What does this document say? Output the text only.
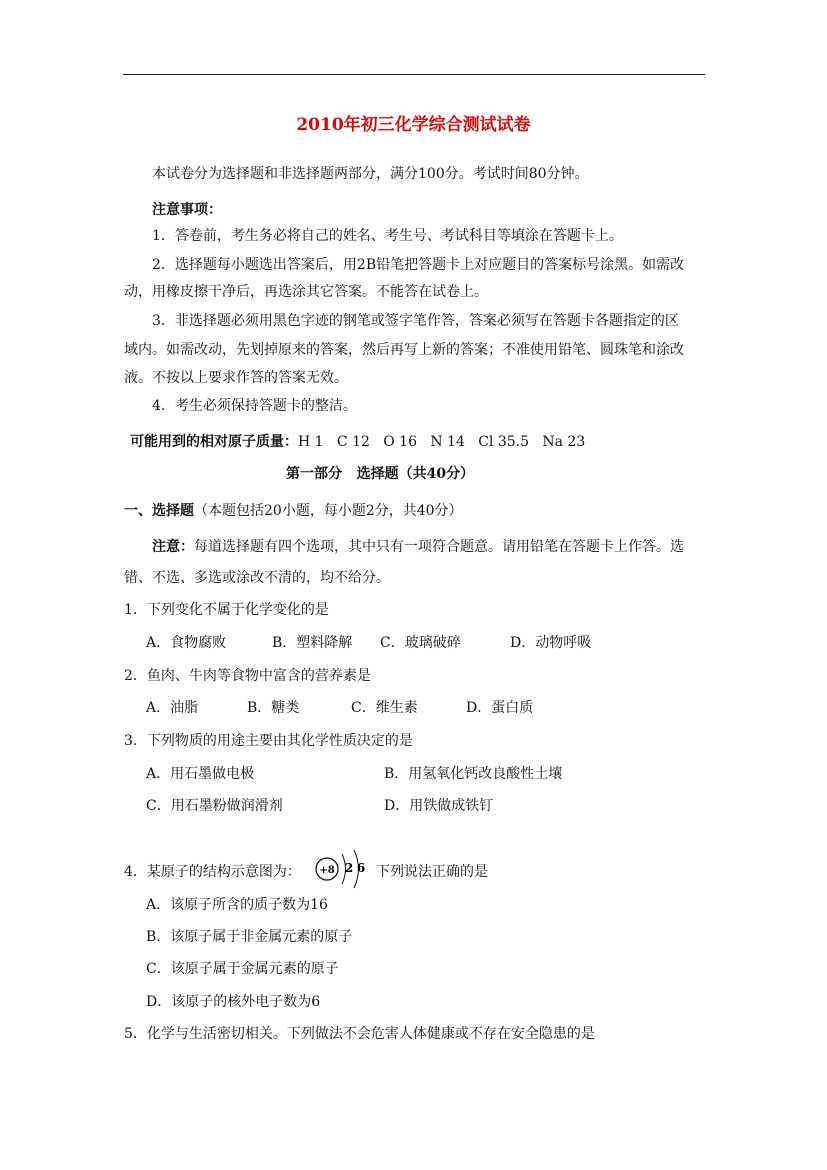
2010年初三化学综合测试试卷
本试卷分为选择题和非选择题两部分，满分100分。考试时间80分钟。
注意事项：
1．答卷前，考生务必将自己的姓名、考生号、考试科目等填涂在答题卡上。
2．选择题每小题选出答案后，用2B铅笔把答题卡上对应题目的答案标号涂黑。如需改
动，用橡皮擦干净后，再选涂其它答案。不能答在试卷上。
3．非选择题必须用黑色字迹的钢笔或签字笔作答，答案必须写在答题卡各题指定的区
域内。如需改动，先划掉原来的答案，然后再写上新的答案；不准使用铅笔、圆珠笔和涂改
液。不按以上要求作答的答案无效。
4．考生必须保持答题卡的整洁。
可能用到的相对原子质量：H 1   C 12   O 16   N 14   Cl 35.5   Na 23
第一部分   选择题（共40分）
一、选择题（本题包括20小题，每小题2分，共40分）
注意：每道选择题有四个选项，其中只有一项符合题意。请用铅笔在答题卡上作答。选
错、不选、多选或涂改不清的，均不给分。
1．下列变化不属于化学变化的是
A．食物腐败	B．塑料降解 C．玻璃破碎	D．动物呼吸
2．鱼肉、牛肉等食物中富含的营养素是
A．油脂	B．糖类	C．维生素	D．蛋白质
3．下列物质的用途主要由其化学性质决定的是
A．用石墨做电极	B．用氢氧化钙改良酸性土壤
C．用石墨粉做润滑剂	D．用铁做成铁钉
4．某原子的结构示意图为： +8 2 6 下列说法正确的是
A．该原子所含的质子数为16
B．该原子属于非金属元素的原子
C．该原子属于金属元素的原子
D．该原子的核外电子数为6
5．化学与生活密切相关。下列做法不会危害人体健康或不存在安全隐患的是
